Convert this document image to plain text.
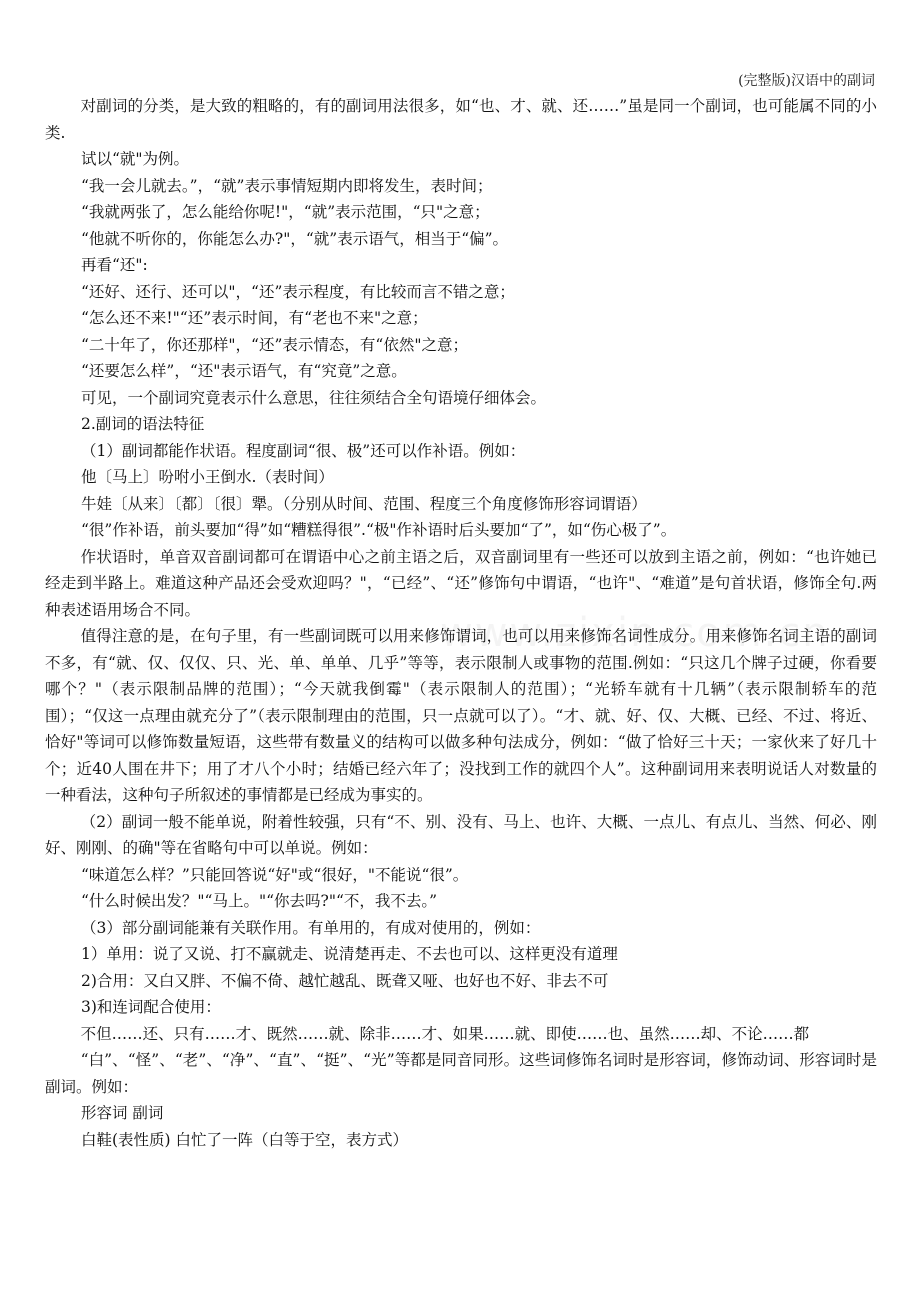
(完整版)汉语中的副词

对副词的分类，是大致的粗略的，有的副词用法很多，如“也、才、就、还……”虽是同一个副词，也可能属不同的小类.

试以“就"为例。

“我一会儿就去。”，“就”表示事情短期内即将发生，表时间；

“我就两张了，怎么能给你呢!"，“就”表示范围，“只"之意；

“他就不听你的，你能怎么办?"，“就”表示语气，相当于“偏”。

再看“还":

“还好、还行、还可以"，“还”表示程度，有比较而言不错之意；

“怎么还不来!"“还”表示时间，有“老也不来"之意；

“二十年了，你还那样"，“还”表示情态，有“依然"之意；

“还要怎么样”，“还"表示语气，有“究竟”之意。

可见，一个副词究竟表示什么意思，往往须结合全句语境仔细体会。

2.副词的语法特征

（1）副词都能作状语。程度副词“很、极”还可以作补语。例如：

他〔马上〕吩咐小王倒水.（表时间）

牛娃〔从来〕〔都〕〔很〕犟。（分别从时间、范围、程度三个角度修饰形容词谓语）

“很”作补语，前头要加“得”如“糟糕得很”.“极"作补语时后头要加“了”，如“伤心极了”。

作状语时，单音双音副词都可在谓语中心之前主语之后，双音副词里有一些还可以放到主语之前，例如：“也许她已经走到半路上。难道这种产品还会受欢迎吗？"，“已经”、“还”修饰句中谓语，“也许"、“难道”是句首状语，修饰全句.两种表述语用场合不同。

值得注意的是，在句子里，有一些副词既可以用来修饰谓词，也可以用来修饰名词性成分。用来修饰名词主语的副词不多，有“就、仅、仅仅、只、光、单、单单、几乎”等等，表示限制人或事物的范围.例如：“只这几个牌子过硬，你看要哪个？"（表示限制品牌的范围）；“今天就我倒霉"（表示限制人的范围）；“光轿车就有十几辆”（表示限制轿车的范围）；“仅这一点理由就充分了”（表示限制理由的范围，只一点就可以了）。“才、就、好、仅、大概、已经、不过、将近、恰好"等词可以修饰数量短语，这些带有数量义的结构可以做多种句法成分，例如：“做了恰好三十天；一家伙来了好几十个；近40人围在井下；用了才八个小时；结婚已经六年了；没找到工作的就四个人”。这种副词用来表明说话人对数量的一种看法，这种句子所叙述的事情都是已经成为事实的。

（2）副词一般不能单说，附着性较强，只有“不、别、没有、马上、也许、大概、一点儿、有点儿、当然、何必、刚好、刚刚、的确"等在省略句中可以单说。例如：

“味道怎么样？”只能回答说“好"或“很好，"不能说“很”。

“什么时候出发？"“马上。"“你去吗?"“不，我不去。”

（3）部分副词能兼有关联作用。有单用的，有成对使用的，例如：

1）单用：说了又说、打不赢就走、说清楚再走、不去也可以、这样更没有道理

2)合用：又白又胖、不偏不倚、越忙越乱、既聋又哑、也好也不好、非去不可

3)和连词配合使用：

不但……还、只有……才、既然……就、除非……才、如果……就、即使……也、虽然……却、不论……都

“白”、“怪”、“老”、“净”、“直”、“挺”、“光”等都是同音同形。这些词修饰名词时是形容词，修饰动词、形容词时是副词。例如：

形容词 副词

白鞋(表性质) 白忙了一阵（白等于空，表方式）
